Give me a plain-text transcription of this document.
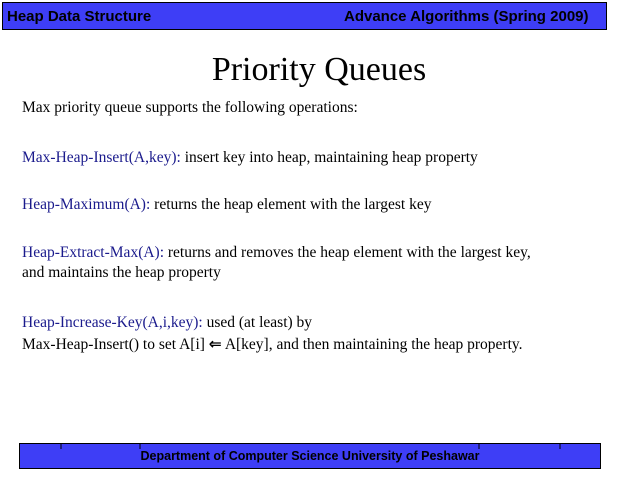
Heap Data Structure	Advance Algorithms (Spring 2009)
Priority Queues
Max priority queue supports the following operations:
Max-Heap-Insert(A,key): insert key into heap, maintaining heap property
Heap-Maximum(A): returns the heap element with the largest key
Heap-Extract-Max(A): returns and removes the heap element with the largest key,
and maintains the heap property
Heap-Increase-Key(A,i,key): used (at least) by
Max-Heap-Insert() to set A[i] ⇐ A[key], and then maintaining the heap property.
Department of Computer Science University of Peshawar
